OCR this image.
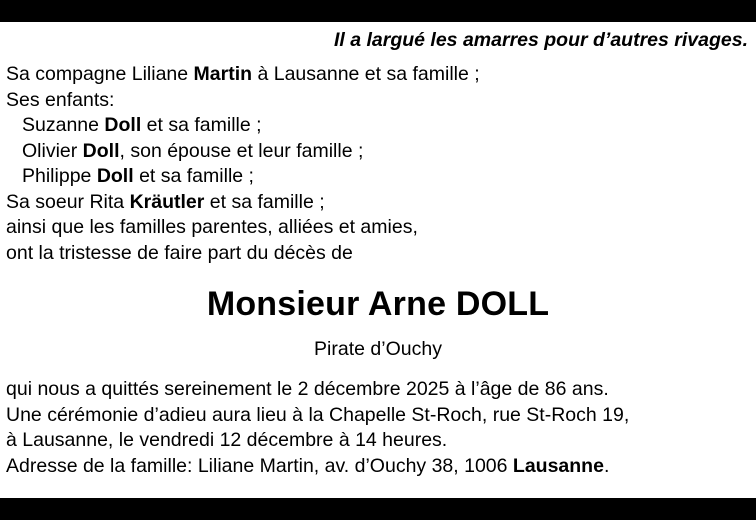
Il a largué les amarres pour d’autres rivages.
Sa compagne Liliane Martin à Lausanne et sa famille ;
Ses enfants:
Suzanne Doll et sa famille ;
Olivier Doll, son épouse et leur famille ;
Philippe Doll et sa famille ;
Sa soeur Rita Kräutler et sa famille ;
ainsi que les familles parentes, alliées et amies,
ont la tristesse de faire part du décès de
Monsieur Arne DOLL
Pirate d’Ouchy
qui nous a quittés sereinement le 2 décembre 2025 à l’âge de 86 ans.
Une cérémonie d’adieu aura lieu à la Chapelle St-Roch, rue St-Roch 19,
à Lausanne, le vendredi 12 décembre à 14 heures.
Adresse de la famille: Liliane Martin, av. d’Ouchy 38, 1006 Lausanne.
